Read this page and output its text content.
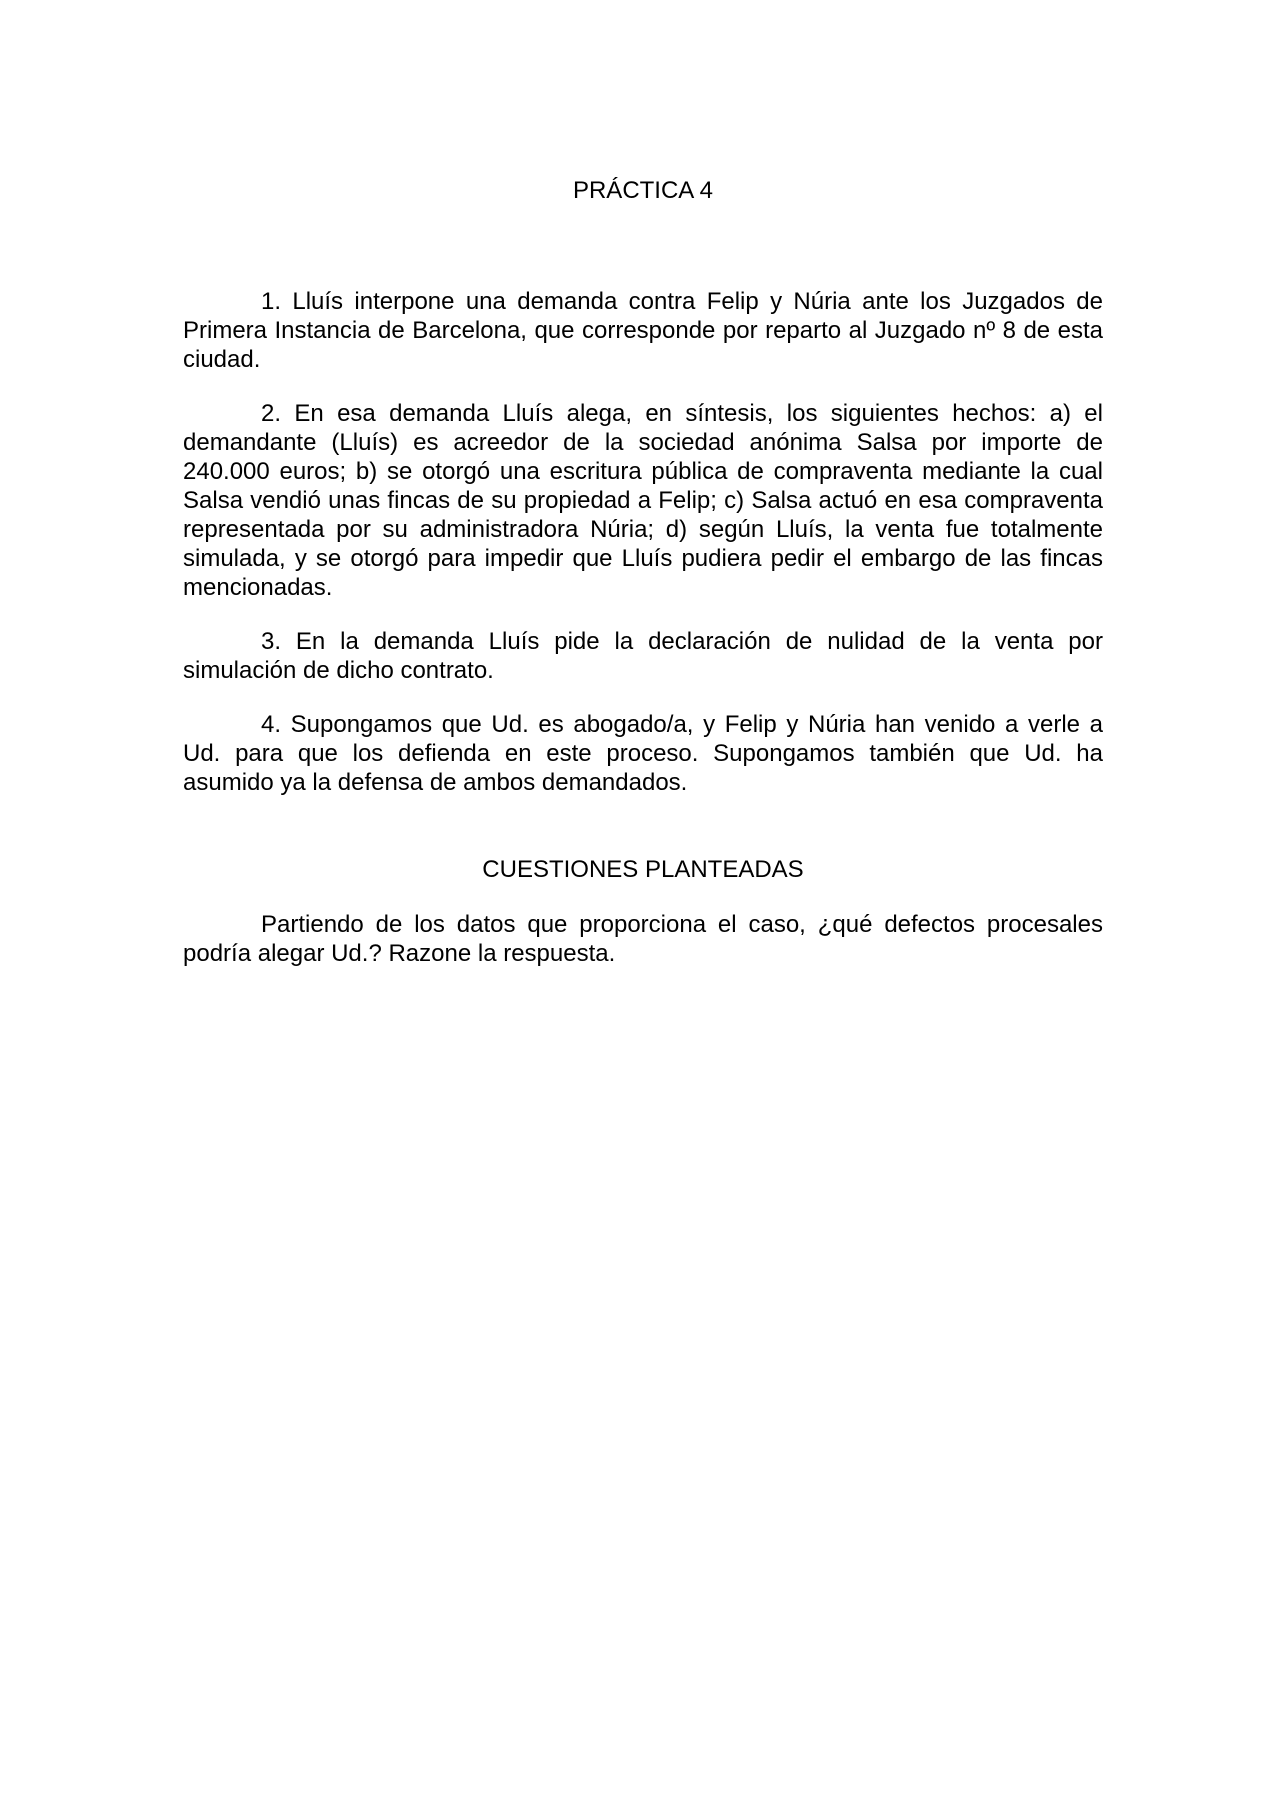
PRÁCTICA 4

1. Lluís interpone una demanda contra Felip y Núria ante los Juzgados de Primera Instancia de Barcelona, que corresponde por reparto al Juzgado nº 8 de esta ciudad.

2. En esa demanda Lluís alega, en síntesis, los siguientes hechos: a) el demandante (Lluís) es acreedor de la sociedad anónima Salsa por importe de 240.000 euros; b) se otorgó una escritura pública de compraventa mediante la cual Salsa vendió unas fincas de su propiedad a Felip; c) Salsa actuó en esa compraventa representada por su administradora Núria; d) según Lluís, la venta fue totalmente simulada, y se otorgó para impedir que Lluís pudiera pedir el embargo de las fincas mencionadas.

3. En la demanda Lluís pide la declaración de nulidad de la venta por simulación de dicho contrato.

4. Supongamos que Ud. es abogado/a, y Felip y Núria han venido a verle a Ud. para que los defienda en este proceso. Supongamos también que Ud. ha asumido ya la defensa de ambos demandados.

CUESTIONES PLANTEADAS

Partiendo de los datos que proporciona el caso, ¿qué defectos procesales podría alegar Ud.? Razone la respuesta.
